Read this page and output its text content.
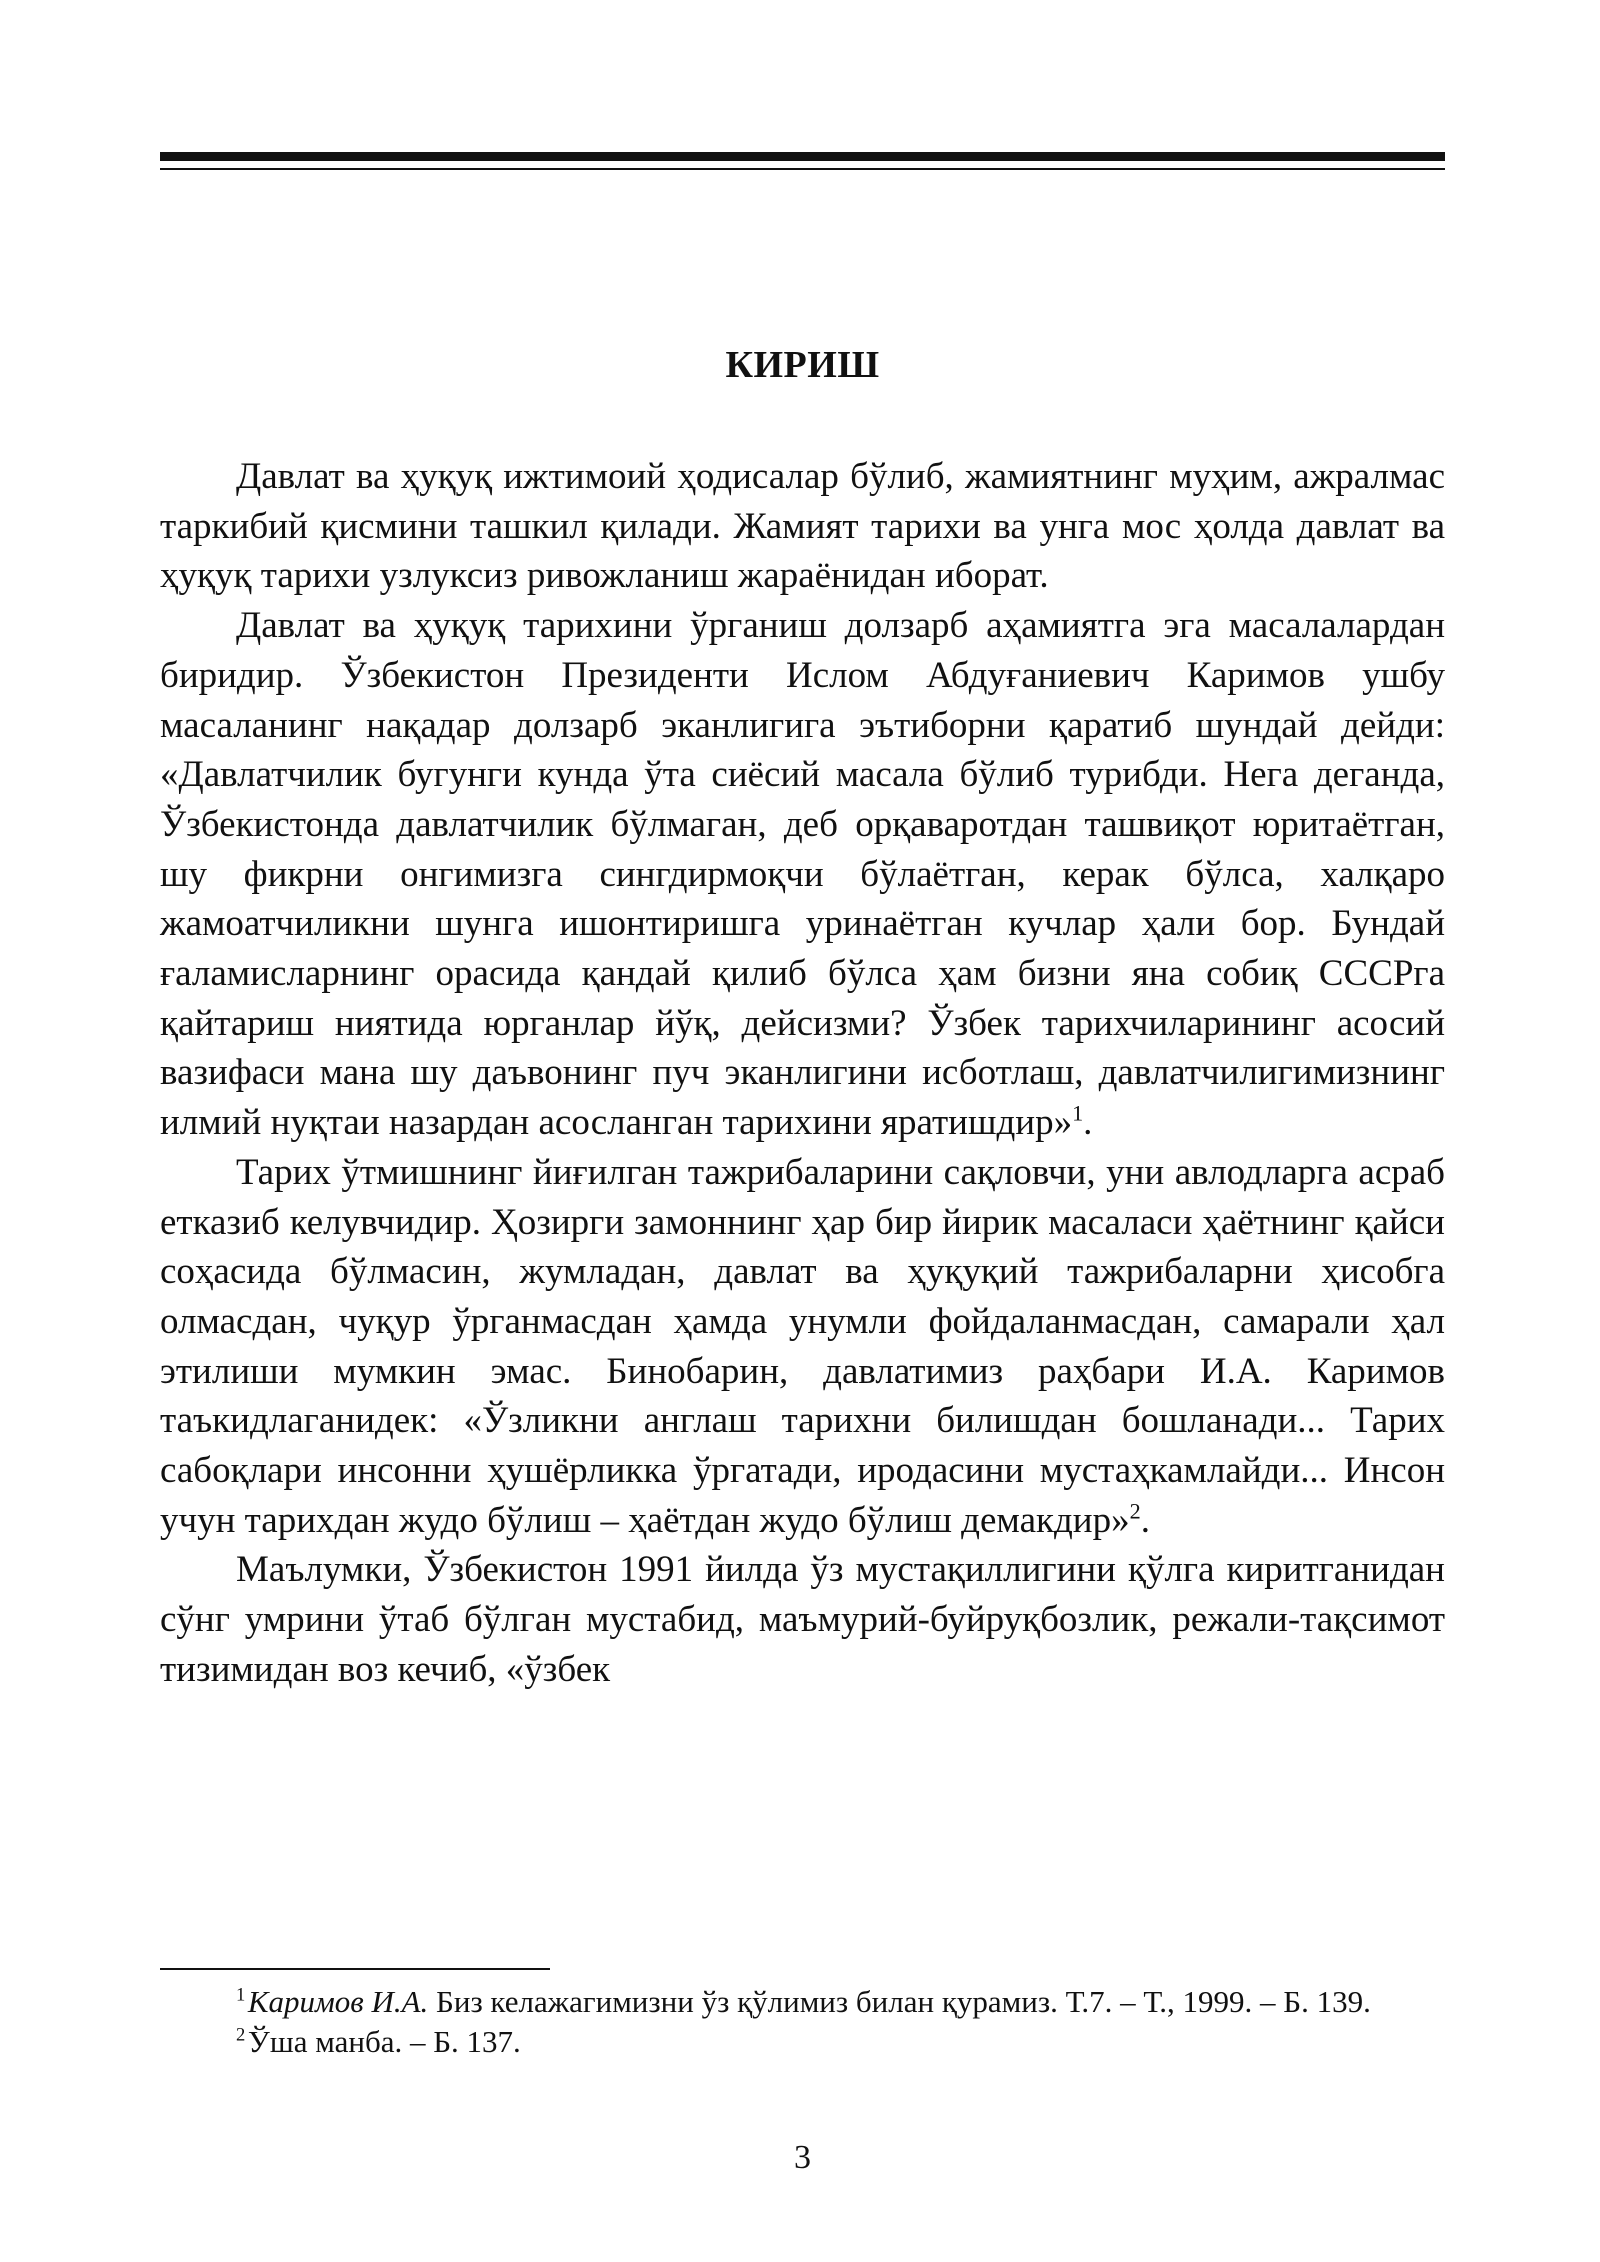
КИРИШ

Давлат ва ҳуқуқ ижтимоий ҳодисалар бўлиб, жамиятнинг муҳим, ажралмас таркибий қисмини ташкил қилади. Жамият тарихи ва унга мос ҳолда давлат ва ҳуқуқ тарихи узлуксиз ривожланиш жараёнидан иборат.

Давлат ва ҳуқуқ тарихини ўрганиш долзарб аҳамиятга эга масалалардан биридир. Ўзбекистон Президенти Ислом Абдуғаниевич Каримов ушбу масаланинг нақадар долзарб эканлигига эътиборни қаратиб шундай дейди: «Давлатчилик бугунги кунда ўта сиёсий масала бўлиб турибди. Нега деганда, Ўзбекистонда давлатчилик бўлмаган, деб орқаваротдан ташвиқот юритаётган, шу фикрни онгимизга сингдирмоқчи бўлаётган, керак бўлса, халқаро жамоатчиликни шунга ишонтиришга уринаётган кучлар ҳали бор. Бундай ғаламисларнинг орасида қандай қилиб бўлса ҳам бизни яна собиқ СССРга қайтариш ниятида юрганлар йўқ, дейсизми? Ўзбек тарихчиларининг асосий вазифаси мана шу даъвонинг пуч эканлигини исботлаш, давлатчилигимизнинг илмий нуқтаи назардан асосланган тарихини яратишдир»$^1$.

Тарих ўтмишнинг йиғилган тажрибаларини сақловчи, уни авлодларга асраб етказиб келувчидир. Ҳозирги замоннинг ҳар бир йирик масаласи ҳаётнинг қайси соҳасида бўлмасин, жумладан, давлат ва ҳуқуқий тажрибаларни ҳисобга олмасдан, чуқур ўрганмасдан ҳамда унумли фойдаланмасдан, самарали ҳал этилиши мумкин эмас. Бинобарин, давлатимиз раҳбари И.А. Каримов таъкидлаганидек: «Ўзликни англаш тарихни билишдан бошланади... Тарих сабоқлари инсонни ҳушёрликка ўргатади, иродасини мустаҳкамлайди... Инсон учун тарихдан жудо бўлиш – ҳаётдан жудо бўлиш демакдир»$^2$.

Маълумки, Ўзбекистон 1991 йилда ўз мустақиллигини қўлга киритганидан сўнг умрини ўтаб бўлган мустабид, маъмурий-буйруқбозлик, режали-тақсимот тизимидан воз кечиб, «ўзбек

$^1$ Каримов И.А. Биз келажагимизни ўз қўлимиз билан қурамиз. Т.7. – Т., 1999. – Б. 139.

$^2$ Ўша манба. – Б. 137.

3
